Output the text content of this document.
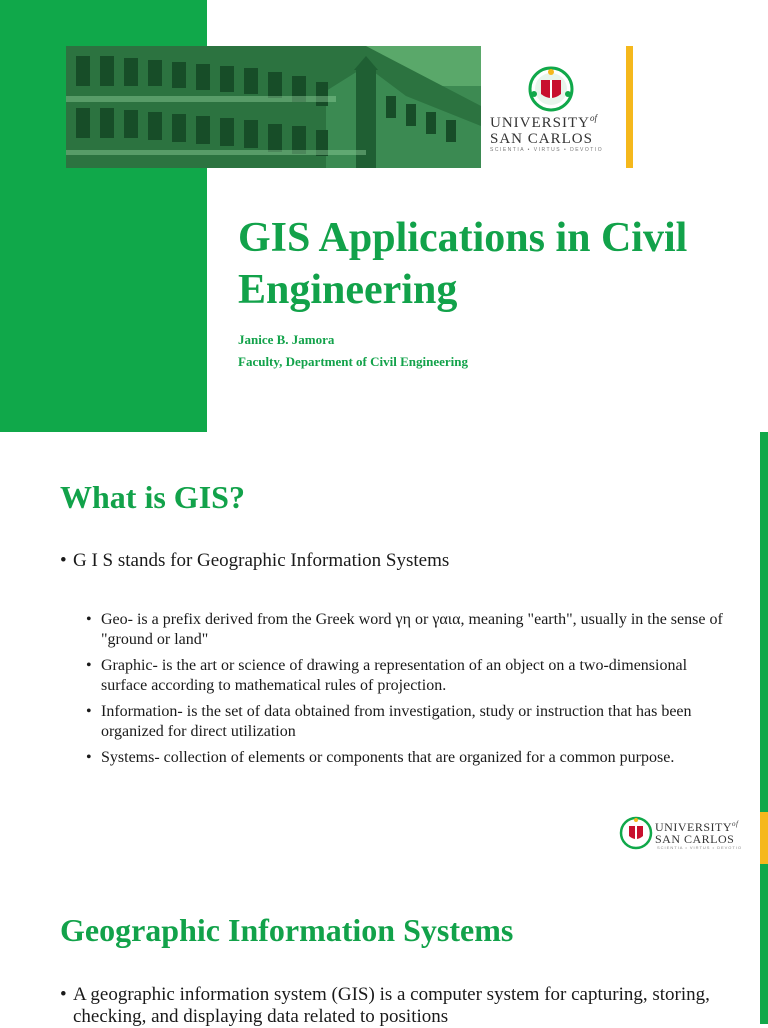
$UNIVERSITY^{of}$
SAN CARLOS
SCIENTIA • VIRTUS • DEVOTIO
GIS Applications in Civil Engineering
Janice B. Jamora
Faculty, Department of Civil Engineering
What is GIS?
• G I S stands for Geographic Information Systems
• Geo- is a prefix derived from the Greek word γη or γαια, meaning "earth", usually in the sense of "ground or land"
• Graphic- is the art or science of drawing a representation of an object on a two-dimensional surface according to mathematical rules of projection.
• Information- is the set of data obtained from investigation, study or instruction that has been organized for direct utilization
• Systems- collection of elements or components that are organized for a common purpose.
$UNIVERSITY^{of}$
SAN CARLOS
SCIENTIA • VIRTUS • DEVOTIO
Geographic Information Systems
• A geographic information system (GIS) is a computer system for capturing, storing, checking, and displaying data related to positions
